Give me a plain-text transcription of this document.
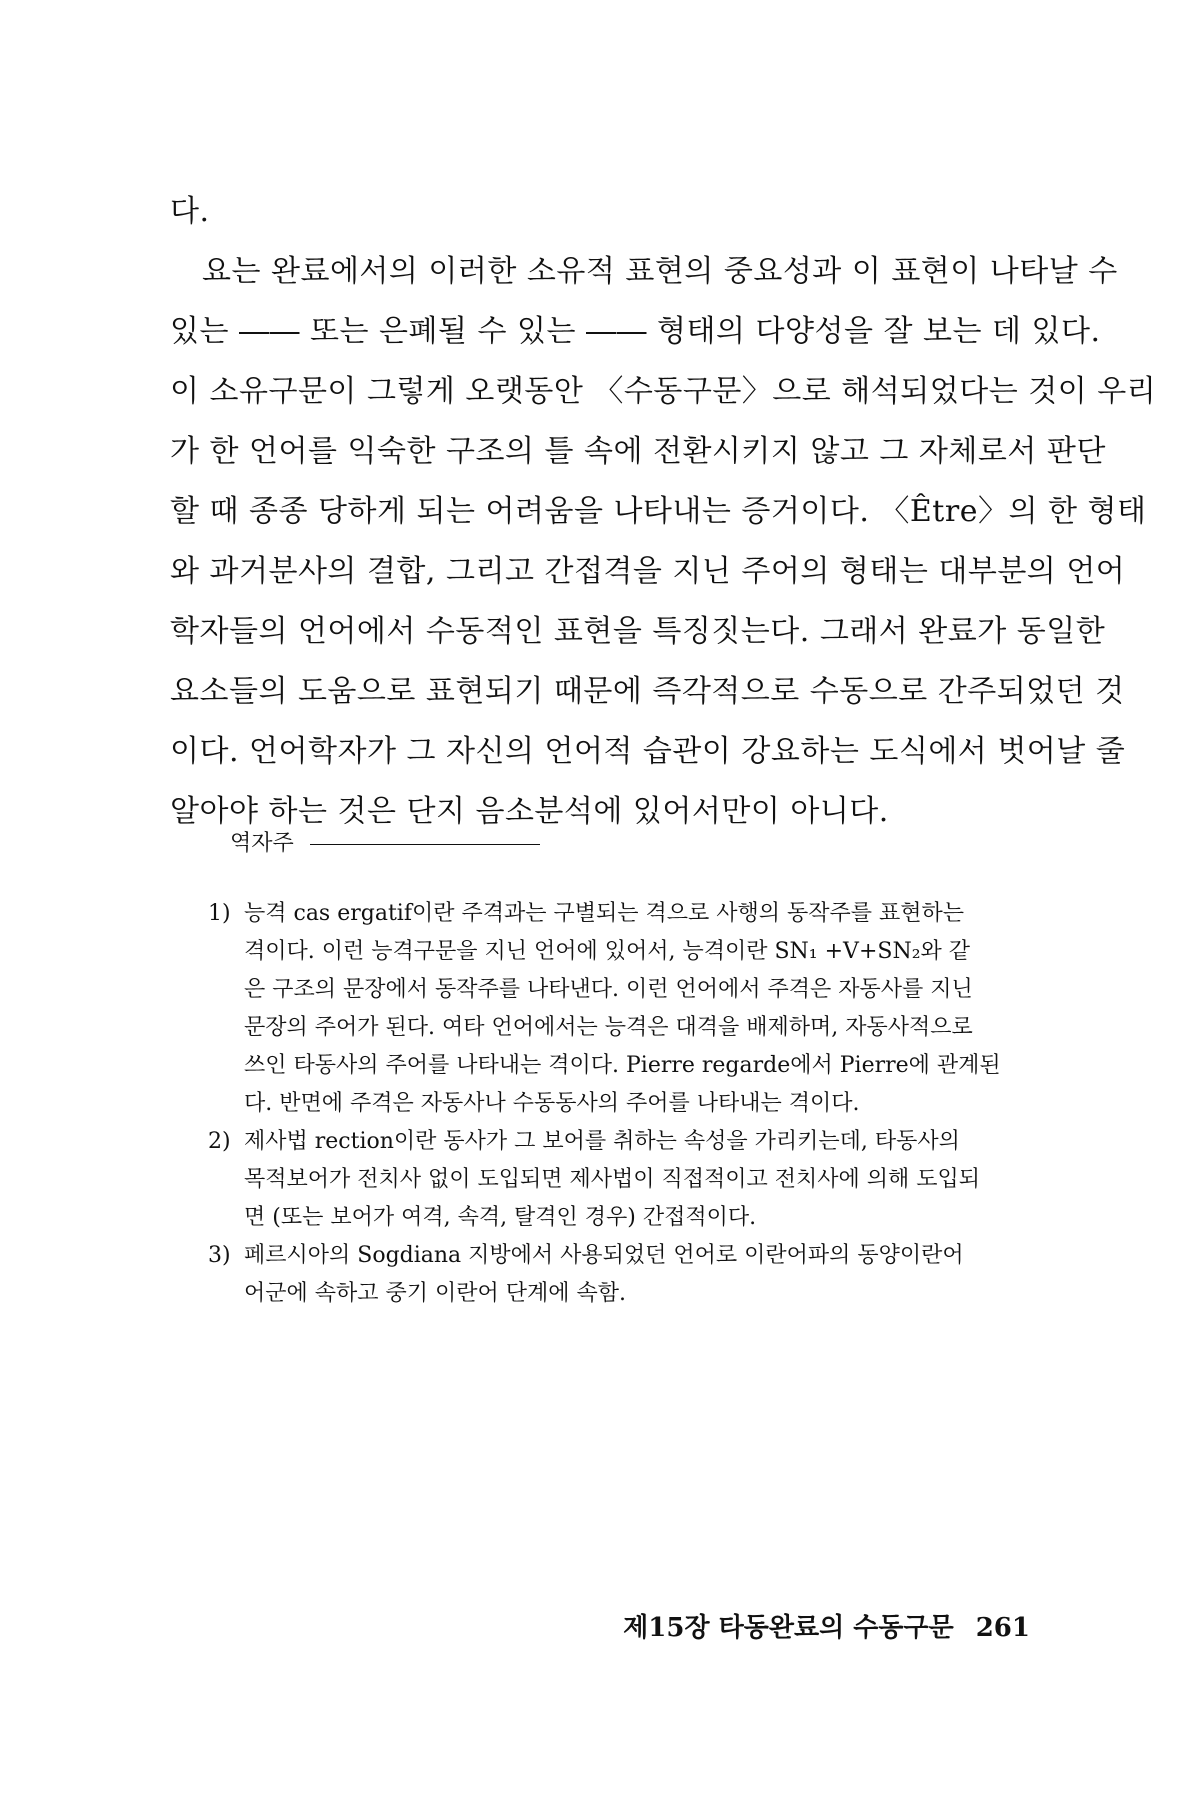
다.
요는 완료에서의 이러한 소유적 표현의 중요성과 이 표현이 나타날 수
있는 ―― 또는 은폐될 수 있는 ―― 형태의 다양성을 잘 보는 데 있다.
이 소유구문이 그렇게 오랫동안 〈수동구문〉으로 해석되었다는 것이 우리
가 한 언어를 익숙한 구조의 틀 속에 전환시키지 않고 그 자체로서 판단
할 때 종종 당하게 되는 어려움을 나타내는 증거이다. 〈Être〉의 한 형태
와 과거분사의 결합, 그리고 간접격을 지닌 주어의 형태는 대부분의 언어
학자들의 언어에서 수동적인 표현을 특징짓는다. 그래서 완료가 동일한
요소들의 도움으로 표현되기 때문에 즉각적으로 수동으로 간주되었던 것
이다. 언어학자가 그 자신의 언어적 습관이 강요하는 도식에서 벗어날 줄
알아야 하는 것은 단지 음소분석에 있어서만이 아니다.
역자주
1) 능격 cas ergatif이란 주격과는 구별되는 격으로 사행의 동작주를 표현하는
격이다. 이런 능격구문을 지닌 언어에 있어서, 능격이란 SN₁ +V+SN₂와 같
은 구조의 문장에서 동작주를 나타낸다. 이런 언어에서 주격은 자동사를 지닌
문장의 주어가 된다. 여타 언어에서는 능격은 대격을 배제하며, 자동사적으로
쓰인 타동사의 주어를 나타내는 격이다. Pierre regarde에서 Pierre에 관계된
다. 반면에 주격은 자동사나 수동동사의 주어를 나타내는 격이다.
2) 제사법 rection이란 동사가 그 보어를 취하는 속성을 가리키는데, 타동사의
목적보어가 전치사 없이 도입되면 제사법이 직접적이고 전치사에 의해 도입되
면 (또는 보어가 여격, 속격, 탈격인 경우) 간접적이다.
3) 페르시아의 Sogdiana 지방에서 사용되었던 언어로 이란어파의 동양이란어
어군에 속하고 중기 이란어 단계에 속함.
제15장 타동완료의 수동구문 261
